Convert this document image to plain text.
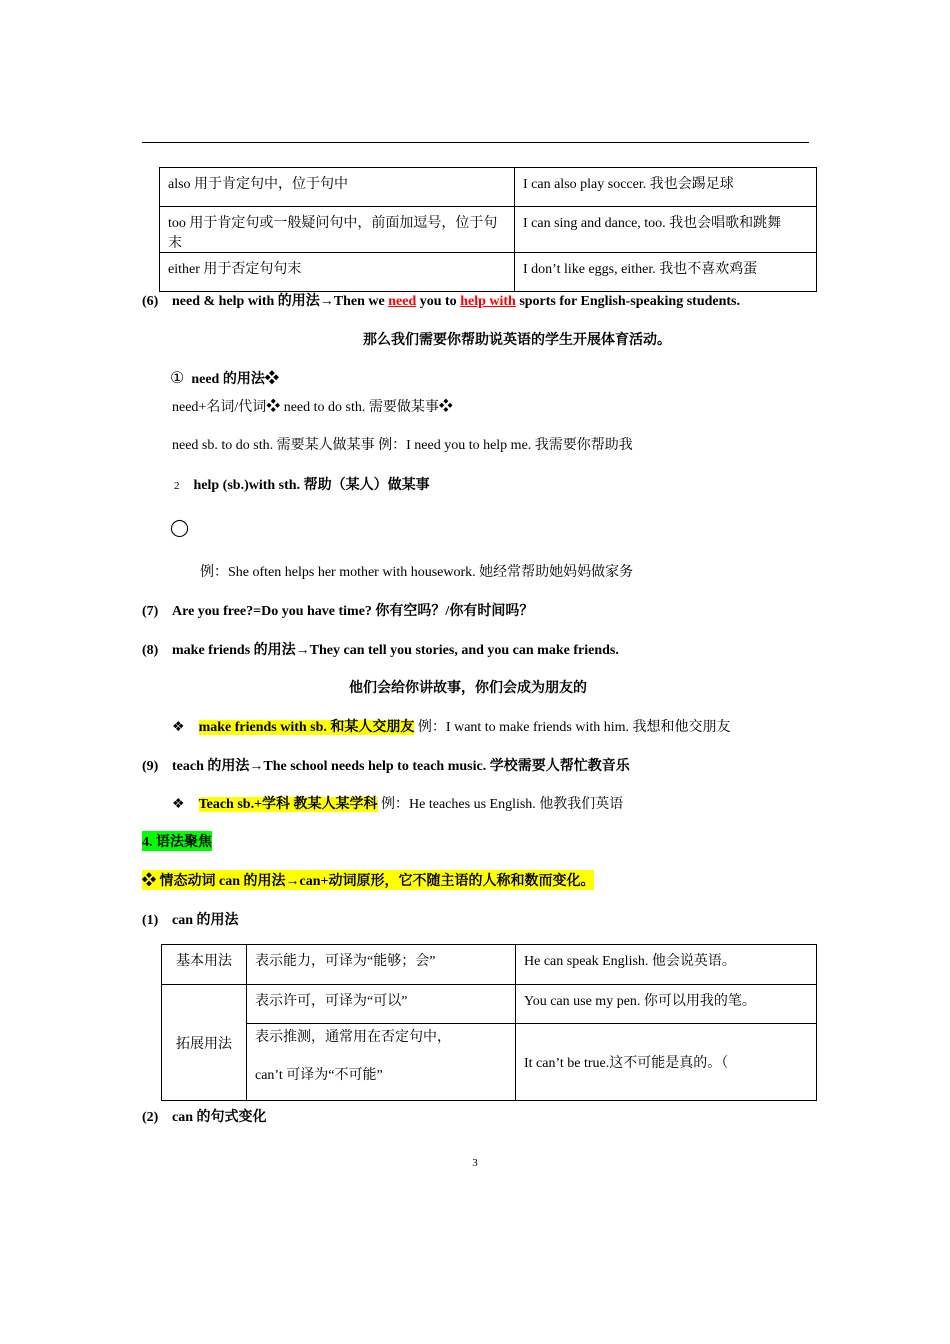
also 用于肯定句中，位于句中	I can also play soccer. 我也会踢足球
too 用于肯定句或一般疑问句中，前面加逗号，位于句末	I can sing and dance, too. 我也会唱歌和跳舞
either 用于否定句句末	I don’t like eggs, either. 我也不喜欢鸡蛋
(6) need & help with 的用法→Then we need you to help with sports for English-speaking students.
那么我们需要你帮助说英语的学生开展体育活动。
① need 的用法❖
need+名词/代词❖ need to do sth. 需要做某事❖
need sb. to do sth. 需要某人做某事 例：I need you to help me. 我需要你帮助我
2 help (sb.)with sth. 帮助（某人）做某事
◯
例：She often helps her mother with housework. 她经常帮助她妈妈做家务
(7) Are you free?=Do you have time? 你有空吗？/你有时间吗？
(8) make friends 的用法→They can tell you stories, and you can make friends.
他们会给你讲故事，你们会成为朋友的
❖ make friends with sb. 和某人交朋友 例：I want to make friends with him. 我想和他交朋友
(9) teach 的用法→The school needs help to teach music. 学校需要人帮忙教音乐
❖ Teach sb.+学科 教某人某学科 例：He teaches us English. 他教我们英语
4. 语法聚焦
❖ 情态动词 can 的用法→can+动词原形，它不随主语的人称和数而变化。
(1) can 的用法
基本用法	表示能力，可译为“能够；会”	He can speak English. 他会说英语。
拓展用法	表示许可，可译为“可以”	You can use my pen. 你可以用我的笔。

	表示推测，通常用在否定句中，
can’t 可译为“不可能”	It can’t be true.这不可能是真的。（
(2) can 的句式变化
3
